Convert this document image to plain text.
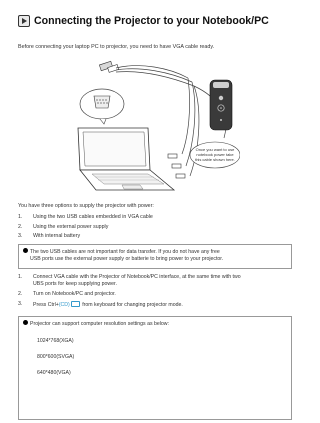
Connecting the Projector to your Notebook/PC
Before connecting your laptop PC to projector, you need to have VGA cable ready.
Once you want to use
notebook power take
this cable shown here.
You have three options to supply the projector with power:
1. Using the two USB cables embedded in VGA cable
2. Using the external power supply
3. With internal battery
The two USB cables are not important for data transfer. If you do not have any free
USB ports use the external power supply or batterie to bring power to your projector.
1.	Connect VGA cable with the Projector of Notebook/PC interface, at the same time with two
UBS ports for keep supplying power.
2.	Turn on Notebook/PC and projector.
3.	Press Ctrl+(CD) from keyboard for changing projector mode.
Projector can support computer resolution settings as below:
1024*768(XGA)
800*600(SVGA)
640*480(VGA)
